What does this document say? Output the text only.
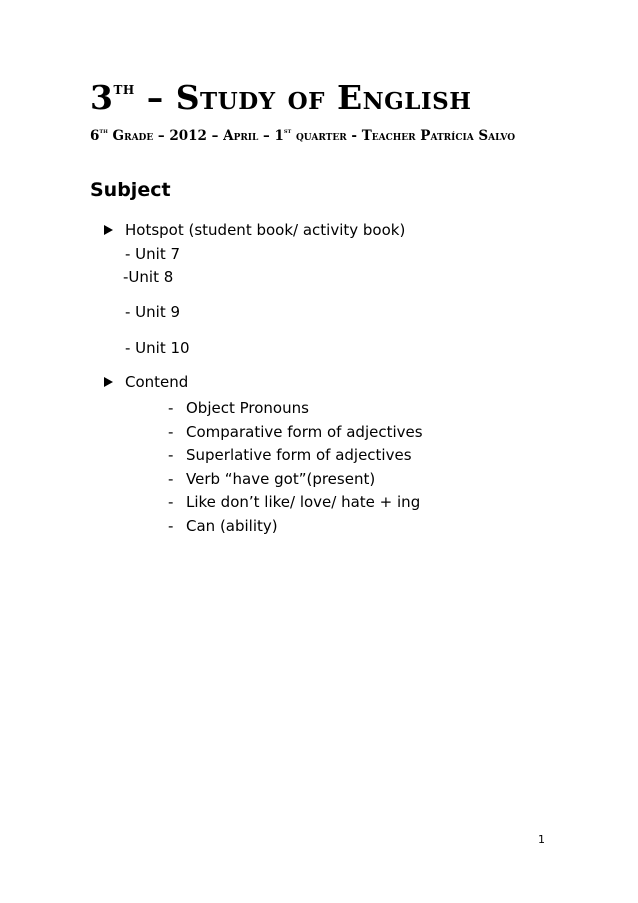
3th – Study of English
6th Grade – 2012 – April – 1st quarter - Teacher Patrícia Salvo
Subject
Hotspot (student book/ activity book)
- Unit 7
-Unit 8
- Unit 9
- Unit 10
Contend
- Object Pronouns
- Comparative form of adjectives
- Superlative form of adjectives
- Verb “have got”(present)
- Like don’t like/ love/ hate + ing
- Can (ability)
1
